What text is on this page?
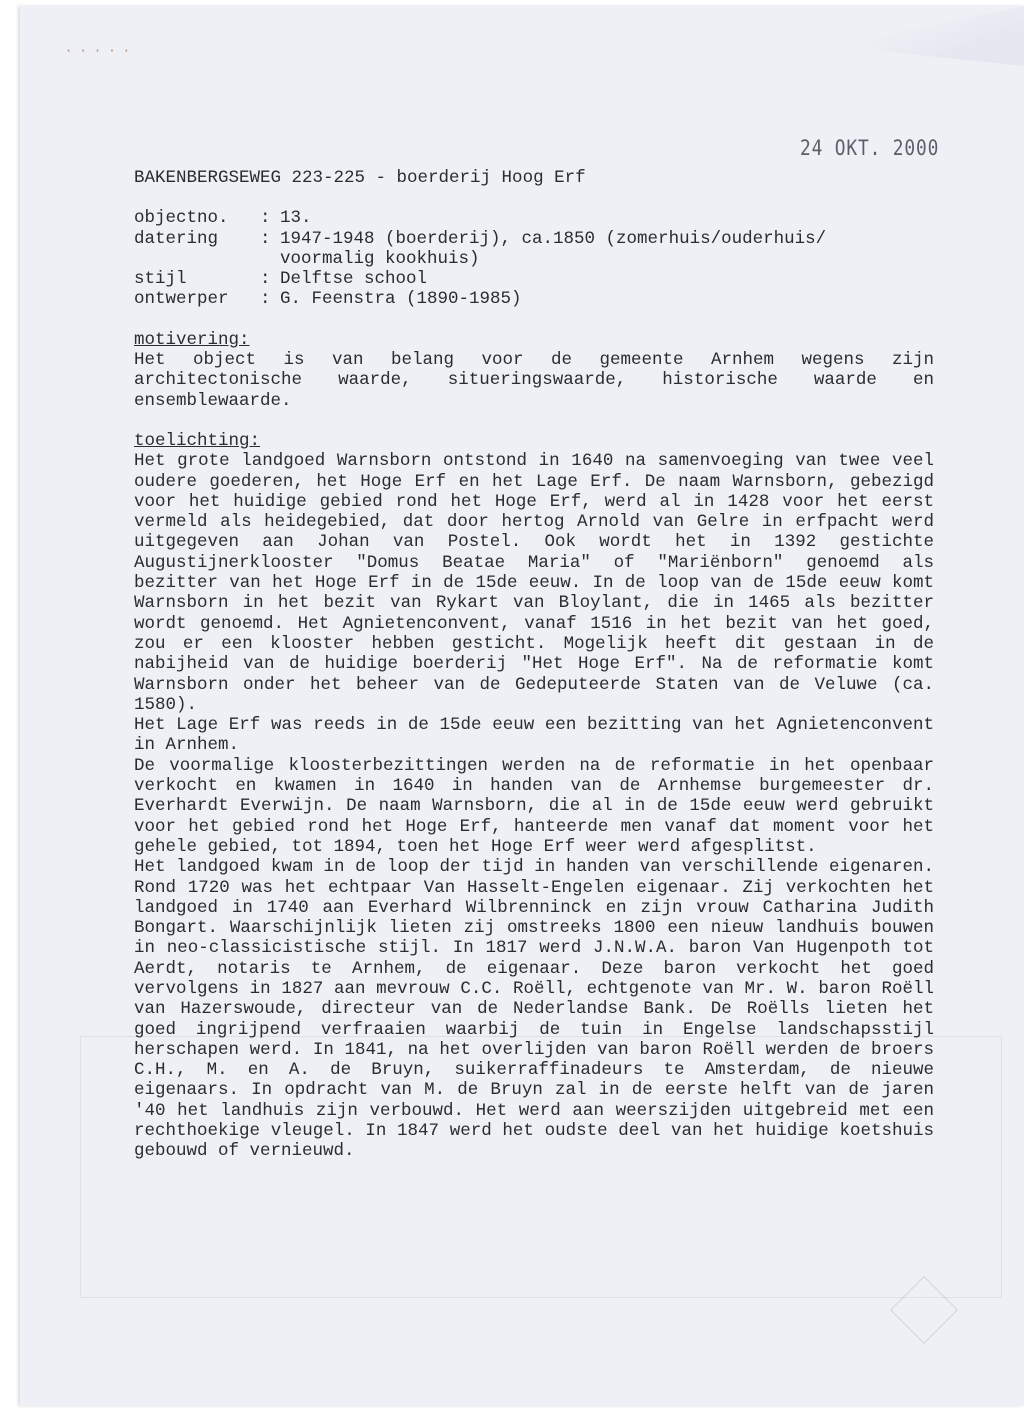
· · · · ·
24 OKT. 2000
BAKENBERGSEWEG 223-225 - boerderij Hoog Erf
objectno.	:
13.
datering	:
1947-1948 (boerderij), ca.1850 (zomerhuis/ouderhuis/
voormalig kookhuis)
stijl	:
Delftse school
ontwerper	:
G. Feenstra (1890-1985)
motivering:

Het object is van belang voor de gemeente Arnhem wegens zijn architectonische waarde, situeringswaarde, historische waarde en ensemblewaarde.

toelichting:

Het grote landgoed Warnsborn ontstond in 1640 na samenvoeging van twee veel oudere goederen, het Hoge Erf en het Lage Erf. De naam Warnsborn, gebezigd voor het huidige gebied rond het Hoge Erf, werd al in 1428 voor het eerst vermeld als heidegebied, dat door hertog Arnold van Gelre in erfpacht werd uitgegeven aan Johan van Postel. Ook wordt het in 1392 gestichte Augustijnerklooster "Domus Beatae Maria" of "Mariënborn" genoemd als bezitter van het Hoge Erf in de 15de eeuw. In de loop van de 15de eeuw komt Warnsborn in het bezit van Rykart van Bloylant, die in 1465 als bezitter wordt genoemd. Het Agnietenconvent, vanaf 1516 in het bezit van het goed, zou er een klooster hebben gesticht. Mogelijk heeft dit gestaan in de nabijheid van de huidige boerderij "Het Hoge Erf". Na de reformatie komt Warnsborn onder het beheer van de Gedeputeerde Staten van de Veluwe (ca. 1580).

Het Lage Erf was reeds in de 15de eeuw een bezitting van het Agnietenconvent in Arnhem.

De voormalige kloosterbezittingen werden na de reformatie in het openbaar verkocht en kwamen in 1640 in handen van de Arnhemse burgemeester dr. Everhardt Everwijn. De naam Warnsborn, die al in de 15de eeuw werd gebruikt voor het gebied rond het Hoge Erf, hanteerde men vanaf dat moment voor het gehele gebied, tot 1894, toen het Hoge Erf weer werd afgesplitst.

Het landgoed kwam in de loop der tijd in handen van verschillende eigenaren. Rond 1720 was het echtpaar Van Hasselt-Engelen eigenaar. Zij verkochten het landgoed in 1740 aan Everhard Wilbrenninck en zijn vrouw Catharina Judith Bongart. Waarschijnlijk lieten zij omstreeks 1800 een nieuw landhuis bouwen in neo-classicistische stijl. In 1817 werd J.N.W.A. baron Van Hugenpoth tot Aerdt, notaris te Arnhem, de eigenaar. Deze baron verkocht het goed vervolgens in 1827 aan mevrouw C.C. Roëll, echtgenote van Mr. W. baron Roëll van Hazerswoude, directeur van de Nederlandse Bank. De Roëlls lieten het goed ingrijpend verfraaien waarbij de tuin in Engelse landschapsstijl herschapen werd. In 1841, na het overlijden van baron Roëll werden de broers C.H., M. en A. de Bruyn, suikerraffinadeurs te Amsterdam, de nieuwe eigenaars. In opdracht van M. de Bruyn zal in de eerste helft van de jaren '40 het landhuis zijn verbouwd. Het werd aan weerszijden uitgebreid met een rechthoekige vleugel. In 1847 werd het oudste deel van het huidige koetshuis gebouwd of vernieuwd.
